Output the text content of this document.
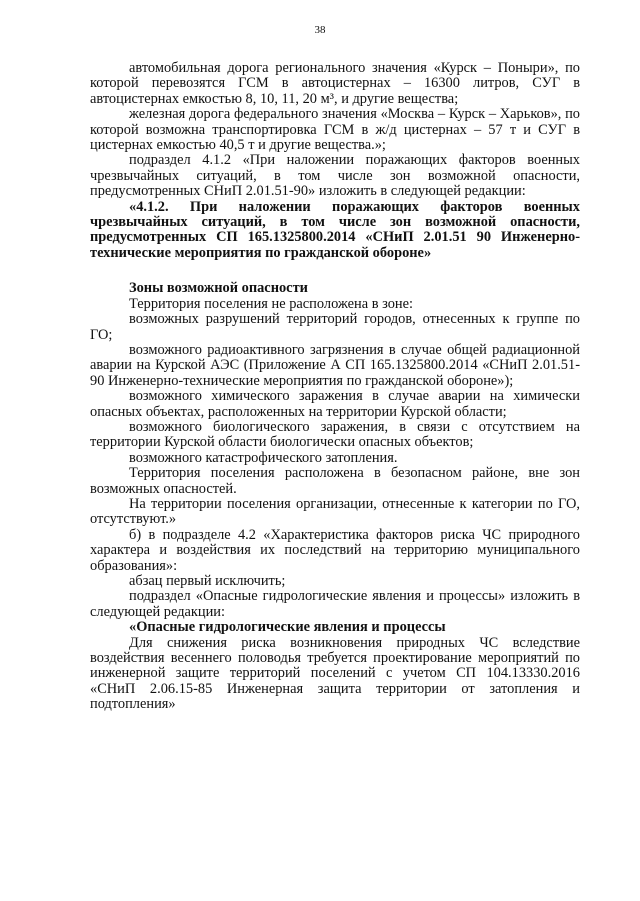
38

автомобильная дорога регионального значения «Курск – Поныри», по которой перевозятся ГСМ в автоцистернах – 16300 литров, СУГ в автоцистернах емкостью 8, 10, 11, 20 м³, и другие вещества;

железная дорога федерального значения «Москва – Курск – Харьков», по которой возможна транспортировка ГСМ в ж/д цистернах – 57 т и СУГ в цистернах емкостью 40,5 т и другие вещества.»;

подраздел 4.1.2 «При наложении поражающих факторов военных чрезвычайных ситуаций, в том числе зон возможной опасности, предусмотренных СНиП 2.01.51-90» изложить в следующей редакции:

«4.1.2. При наложении поражающих факторов военных чрезвычайных ситуаций, в том числе зон возможной опасности, предусмотренных СП 165.1325800.2014 «СНиП 2.01.51 90 Инженерно-технические мероприятия по гражданской обороне»

Зоны возможной опасности

Территория поселения не расположена в зоне:

возможных разрушений территорий городов, отнесенных к группе по ГО;

возможного радиоактивного загрязнения в случае общей радиационной аварии на Курской АЭС (Приложение А СП 165.1325800.2014 «СНиП 2.01.51-90 Инженерно-технические мероприятия по гражданской обороне»);

возможного химического заражения в случае аварии на химически опасных объектах, расположенных на территории Курской области;

возможного биологического заражения, в связи с отсутствием на территории Курской области биологически опасных объектов;

возможного катастрофического затопления.

Территория поселения расположена в безопасном районе, вне зон возможных опасностей.

На территории поселения организации, отнесенные к категории по ГО, отсутствуют.»

б) в подразделе 4.2 «Характеристика факторов риска ЧС природного характера и воздействия их последствий на территорию муниципального образования»:

абзац первый исключить;

подраздел «Опасные гидрологические явления и процессы» изложить в следующей редакции:

«Опасные гидрологические явления и процессы

Для снижения риска возникновения природных ЧС вследствие воздействия весеннего половодья требуется проектирование мероприятий по инженерной защите территорий поселений с учетом СП 104.13330.2016 «СНиП 2.06.15-85 Инженерная защита территории от затопления и подтопления»
